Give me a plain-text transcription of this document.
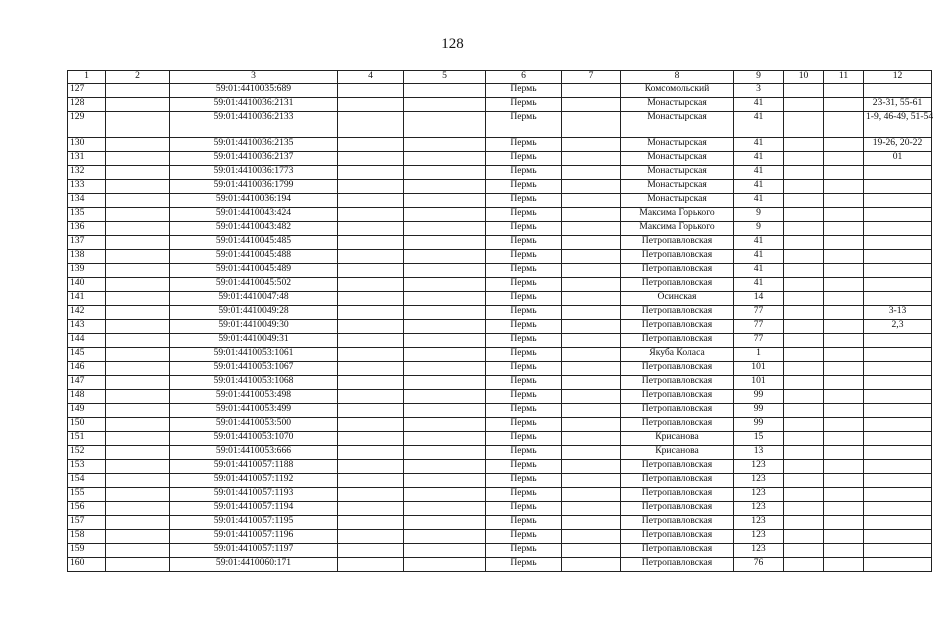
128
1	2	3	4	5	6	7	8	9	10	11	12
127		59:01:4410035:689			Пермь		Комсомольский	3			
128		59:01:4410036:2131			Пермь		Монастырская	41			23-31, 55-61
129		59:01:4410036:2133			Пермь		Монастырская	41			1-9, 46-49, 51-54
130		59:01:4410036:2135			Пермь		Монастырская	41			19-26, 20-22
131		59:01:4410036:2137			Пермь		Монастырская	41			01
132		59:01:4410036:1773			Пермь		Монастырская	41			
133		59:01:4410036:1799			Пермь		Монастырская	41			
134		59:01:4410036:194			Пермь		Монастырская	41			
135		59:01:4410043:424			Пермь		Максима Горького	9			
136		59:01:4410043:482			Пермь		Максима Горького	9			
137		59:01:4410045:485			Пермь		Петропавловская	41			
138		59:01:4410045:488			Пермь		Петропавловская	41			
139		59:01:4410045:489			Пермь		Петропавловская	41			
140		59:01:4410045:502			Пермь		Петропавловская	41			
141		59:01:4410047:48			Пермь		Осинская	14			
142		59:01:4410049:28			Пермь		Петропавловская	77			3-13
143		59:01:4410049:30			Пермь		Петропавловская	77			2,3
144		59:01:4410049:31			Пермь		Петропавловская	77			
145		59:01:4410053:1061			Пермь		Якуба Коласа	1			
146		59:01:4410053:1067			Пермь		Петропавловская	101			
147		59:01:4410053:1068			Пермь		Петропавловская	101			
148		59:01:4410053:498			Пермь		Петропавловская	99			
149		59:01:4410053:499			Пермь		Петропавловская	99			
150		59:01:4410053:500			Пермь		Петропавловская	99			
151		59:01:4410053:1070			Пермь		Крисанова	15			
152		59:01:4410053:666			Пермь		Крисанова	13			
153		59:01:4410057:1188			Пермь		Петропавловская	123			
154		59:01:4410057:1192			Пермь		Петропавловская	123			
155		59:01:4410057:1193			Пермь		Петропавловская	123			
156		59:01:4410057:1194			Пермь		Петропавловская	123			
157		59:01:4410057:1195			Пермь		Петропавловская	123			
158		59:01:4410057:1196			Пермь		Петропавловская	123			
159		59:01:4410057:1197			Пермь		Петропавловская	123			
160		59:01:4410060:171			Пермь		Петропавловская	76			
